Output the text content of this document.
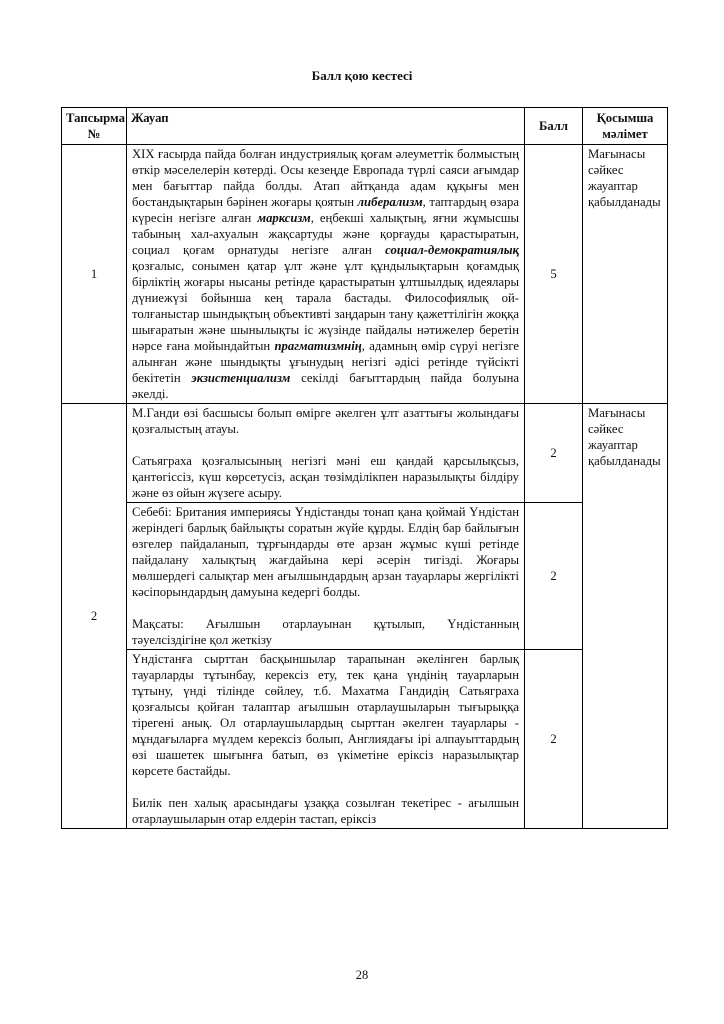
Балл қою кестесі
Тапсырма №	Жауап	Балл	Қосымша мәлімет
1	XIX ғасырда пайда болған индустриялық қоғам әлеуметтік болмыстың өткір мәселелерін көтерді. Осы кезеңде Европада түрлі саяси ағымдар мен бағыттар пайда болды. Атап айтқанда адам құқығы мен бостандықтарын бәрінен жоғары қоятын либерализм, таптардың өзара күресін негізге алған марксизм, еңбекші халықтың, яғни жұмысшы табының хал-ахуалын жақсартуды және қорғауды қарастыратын, социал қоғам орнатуды негізге алған социал-демократиялық қозғалыс, сонымен қатар ұлт және ұлт құндылықтарын қоғамдық бірліктің жоғары нысаны ретінде қарастыратын ұлтшылдық идеялары дүниежүзі бойынша кең тарала бастады. Философиялық ой-толғаныстар шындықтың объективті заңдарын тану қажеттілігін жоққа шығаратын және шынылықты іс жүзінде пайдалы нәтижелер беретін нәрсе ғана мойындайтын прагматизмнің, адамның өмір сүруі негізге алынған және шындықты ұғынудың негізгі әдісі ретінде түйсікті бекітетін экзистенциализм секілді бағыттардың пайда болуына әкелді.	5	Мағынасы сәйкес жауаптар қабылданады
2	М.Ганди өзі басшысы болып өмірге әкелген ұлт азаттығы жолындағы қозғалыстың атауы.
Сатьяграха қозғалысының негізгі мәні еш қандай қарсылықсыз, қантөгіссіз, күш көрсетусіз, асқан төзімділікпен наразылықты білдіру және өз ойын жүзеге асыру.	2	Мағынасы сәйкес жауаптар қабылданады

	Себебі: Британия империясы Үндістанды тонап қана қоймай Үндістан жеріндегі барлық байлықты соратын жүйе құрды. Елдің бар байлығын өзгелер пайдаланып, тұрғындарды өте арзан жұмыс күші ретінде пайдалану халықтың жағдайына кері әсерін тигізді. Жоғары мөлшердегі салықтар мен ағылшындардың арзан тауарлары жергілікті кәсіпорындардың дамуына кедергі болды.
Мақсаты: Ағылшын отарлауынан құтылып, Үндістанның тәуелсіздігіне қол жеткізу	2	

	Үндістанға сырттан басқыншылар тарапынан әкелінген барлық тауарларды тұтынбау, керексіз ету, тек қана үндінің тауарларын тұтыну, үнді тілінде сөйлеу, т.б. Махатма Гандидің Сатьяграха қозғалысы қойған талаптар ағылшын отарлаушыларын тығырыққа тірегені анық. Ол отарлаушылардың сырттан әкелген тауарлары - мұндағыларға мүлдем керексіз болып, Англиядағы ірі алпауыттардың өзі шашетек шығынға батып, өз үкіметіне еріксіз наразылықтар көрсете бастайды.
Билік пен халық арасындағы ұзаққа созылған текетірес - ағылшын отарлаушыларын отар елдерін тастап, еріксіз	2	
28
